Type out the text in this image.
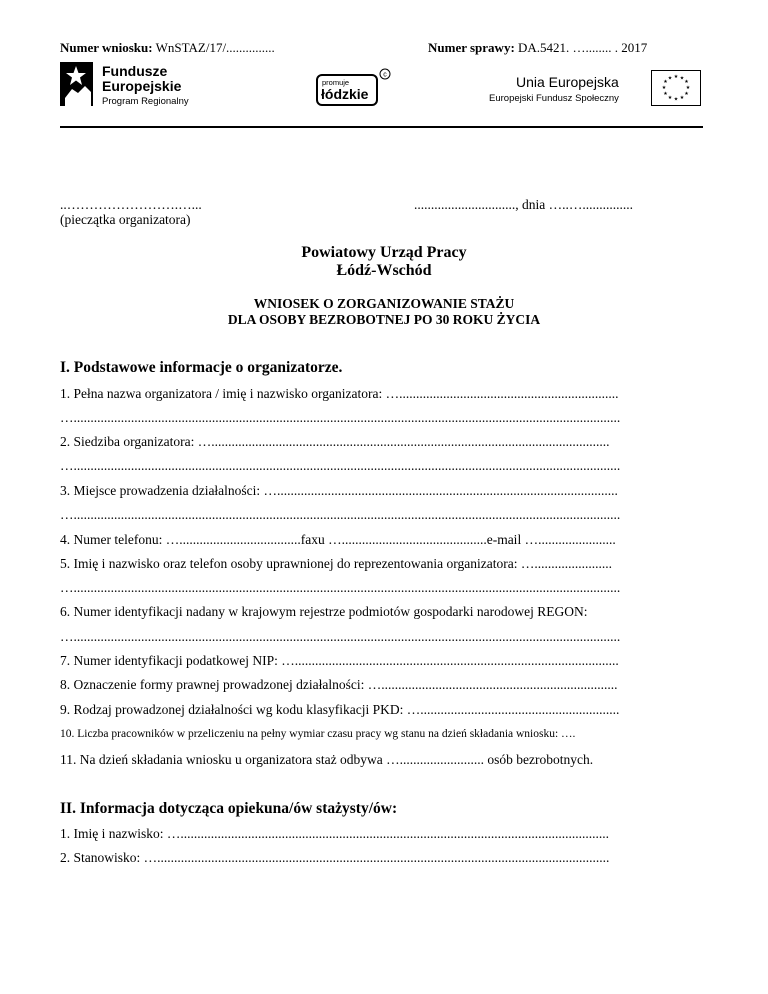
Numer wniosku: WnSTAZ/17/...............	Numer sprawy: DA.5421. …........ . 2017
Fundusze
Europejskie
Program Regionalny
promuje
łódzkie
c	Unia Europejska
Europejski Fundusz Społeczny
★ ★
★
★
★
★
★
★
★
★
★
★
..…………………….…...
(pieczątka organizatora)
.............................., dnia …..…...............
Powiatowy Urząd Pracy
Łódź-Wschód
WNIOSEK O ZORGANIZOWANIE STAŻU
DLA OSOBY BEZROBOTNEJ PO 30 ROKU ŻYCIA
I. Podstawowe informacje o organizatorze.
1. Pełna nazwa organizatora / imię i nazwisko organizatora: ….................................................................
…..................................................................................................................................................................
2. Siedziba organizatora: …......................................................................................................................
…..................................................................................................................................................................
3. Miejsce prowadzenia działalności: ….....................................................................................................
…..................................................................................................................................................................
4. Numer telefonu: …....................................faxu …...........................................e-mail ….......................
5. Imię i nazwisko oraz telefon osoby uprawnionej do reprezentowania organizatora: ….......................
…..................................................................................................................................................................
6. Numer identyfikacji nadany w krajowym rejestrze podmiotów gospodarki narodowej REGON:
…..................................................................................................................................................................
7. Numer identyfikacji podatkowej NIP: …................................................................................................
8. Oznaczenie formy prawnej prowadzonej działalności: …......................................................................
9. Rodzaj prowadzonej działalności wg kodu klasyfikacji PKD: …...........................................................
10. Liczba pracowników w przeliczeniu na pełny wymiar czasu pracy wg stanu na dzień składania wniosku: ….
11. Na dzień składania wniosku u organizatora staż odbywa …......................... osób bezrobotnych.
II. Informacja dotycząca opiekuna/ów stażysty/ów:
1. Imię i nazwisko: …...............................................................................................................................
2. Stanowisko: …......................................................................................................................................
